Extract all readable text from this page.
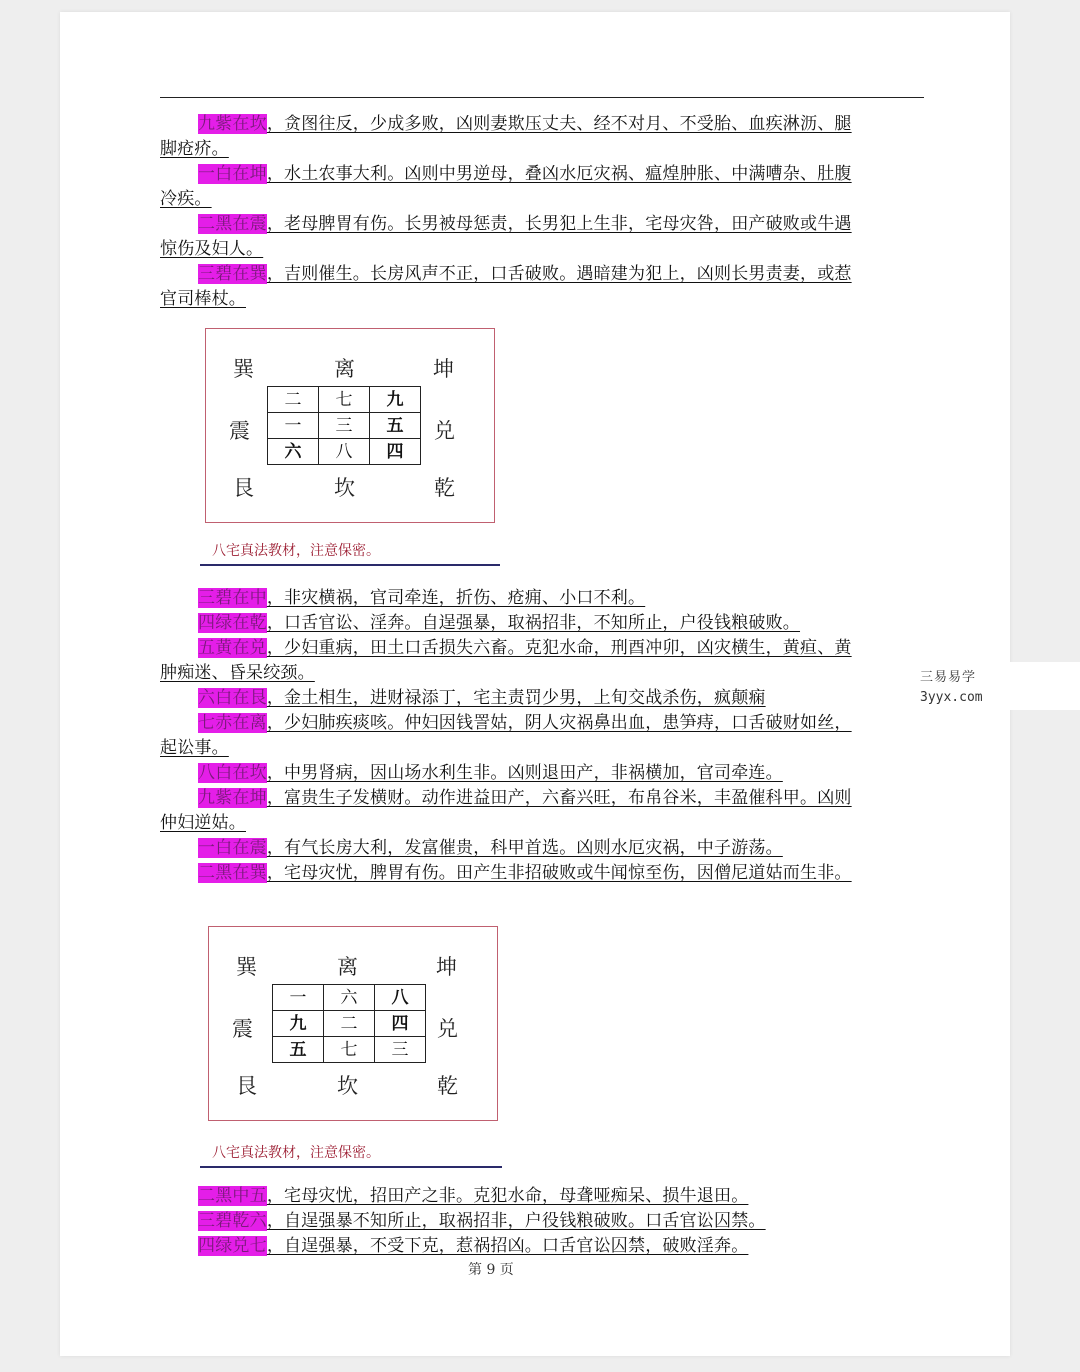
九紫在坎，贪图往反，少成多败，凶则妻欺压丈夫、经不对月、不受胎、血疾淋沥、腿
脚疮疥。
一白在坤，水土农事大利。凶则中男逆母，叠凶水厄灾祸、瘟煌肿胀、中满嘈杂、肚腹
冷疾。
二黑在震，老母脾胃有伤。长男被母惩责，长男犯上生非，宅母灾咎，田产破败或牛遇
惊伤及妇人。
三碧在巽，吉则催生。长房风声不正，口舌破败。遇暗建为犯上，凶则长男责妻，或惹
官司棒杖。
巽	离	坤
震	兑
艮	坎	乾
二	七	九
一	三	五
六	八	四
八宅真法教材，注意保密。
三碧在中，非灾横祸，官司牵连，折伤、疮痈、小口不利。
四绿在乾，口舌官讼、淫奔。自逞强暴，取祸招非，不知所止，户役钱粮破败。
五黄在兑，少妇重病，田土口舌损失六畜。克犯水命，刑酉冲卯，凶灾横生，黄疸、黄
肿痴迷、昏呆绞颈。
六白在艮，金土相生，进财禄添丁，宅主责罚少男，上旬交战杀伤，疯颠痫
七赤在离，少妇肺疾痰咳。仲妇因钱詈姑，阴人灾祸鼻出血，患笋痔，口舌破财如丝，
起讼事。
八白在坎，中男肾病，因山场水利生非。凶则退田产，非祸横加，官司牵连。
九紫在坤，富贵生子发横财。动作进益田产，六畜兴旺，布帛谷米，丰盈催科甲。凶则
仲妇逆姑。
一白在震，有气长房大利，发富催贵，科甲首选。凶则水厄灾祸，中子游荡。
二黑在巽，宅母灾忧，脾胃有伤。田产生非招破败或牛闻惊至伤，因僧尼道姑而生非。
巽	离	坤
震	兑
艮	坎	乾
一	六	八
九	二	四
五	七	三
八宅真法教材，注意保密。
二黑中五，宅母灾忧，招田产之非。克犯水命，母聋哑痴呆、损牛退田。
三碧乾六，自逞强暴不知所止，取祸招非，户役钱粮破败。口舌官讼囚禁。
四绿兑七，自逞强暴，不受下克，惹祸招凶。口舌官讼囚禁，破败淫奔。
第 9 页
三易易学
3yyx.com
